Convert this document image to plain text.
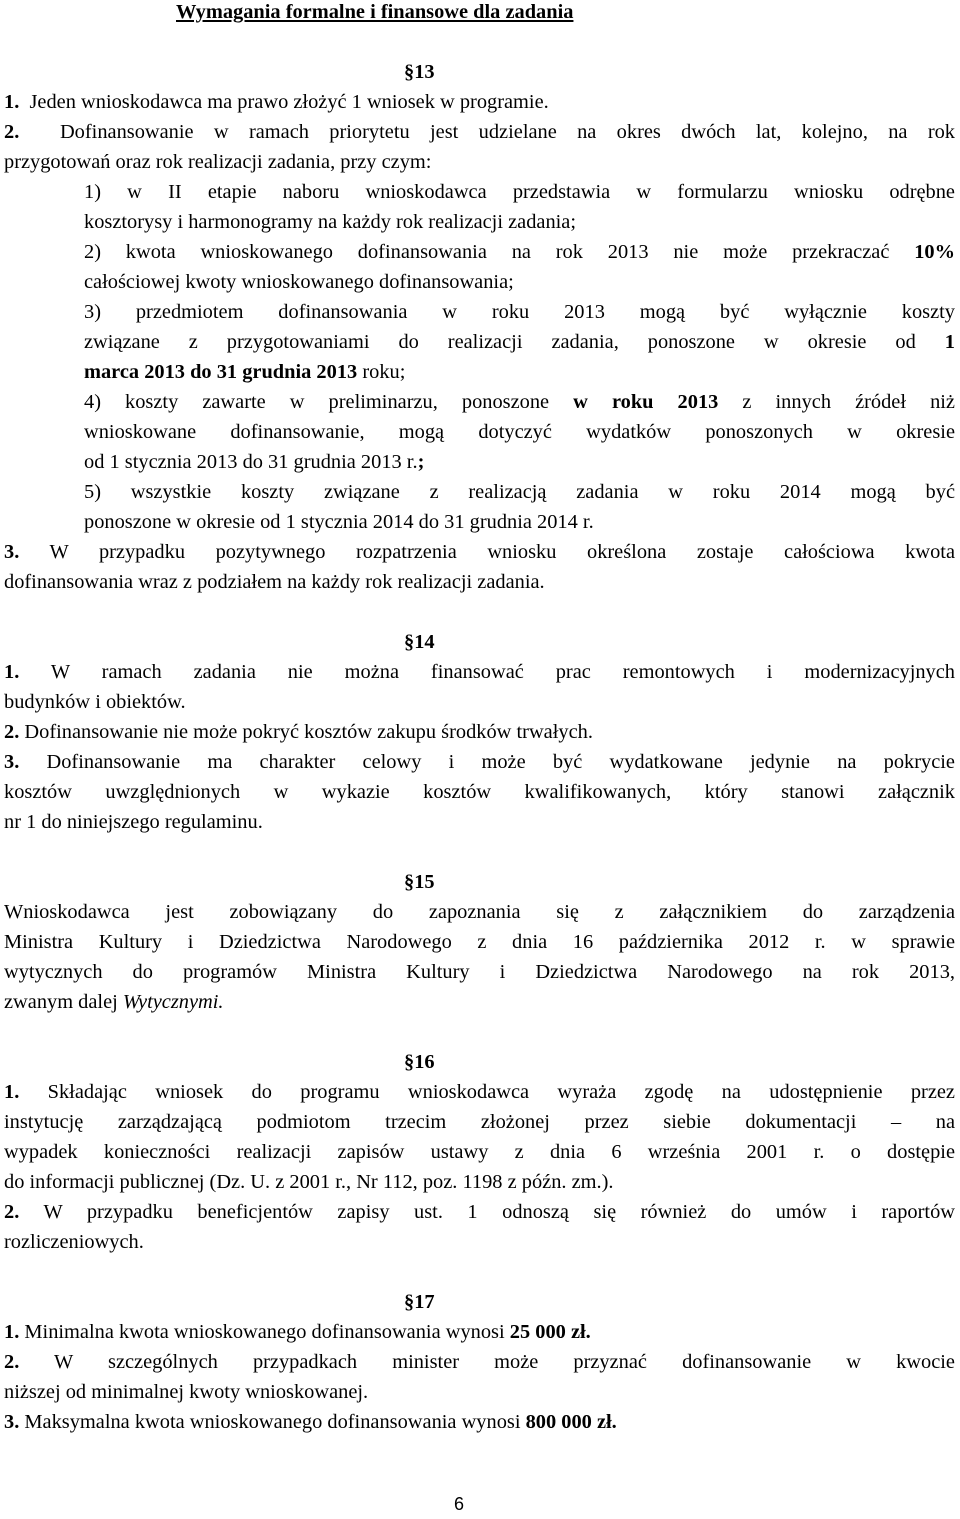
Wymagania formalne i finansowe dla zadania
§13
1. Jeden wnioskodawca ma prawo złożyć 1 wniosek w programie.
2. Dofinansowanie w ramach priorytetu jest udzielane na okres dwóch lat, kolejno, na rok
przygotowań oraz rok realizacji zadania, przy czym:
1) w II etapie naboru wnioskodawca przedstawia w formularzu wniosku odrębne
kosztorysy i harmonogramy na każdy rok realizacji zadania;
2) kwota wnioskowanego dofinansowania na rok 2013 nie może przekraczać 10%
całościowej kwoty wnioskowanego dofinansowania;
3) przedmiotem dofinansowania w roku 2013 mogą być wyłącznie koszty
związane z przygotowaniami do realizacji zadania, ponoszone w okresie od 1
marca 2013 do 31 grudnia 2013 roku;
4) koszty zawarte w preliminarzu, ponoszone w roku 2013 z innych źródeł niż
wnioskowane dofinansowanie, mogą dotyczyć wydatków ponoszonych w okresie
od 1 stycznia 2013 do 31 grudnia 2013 r.;
5) wszystkie koszty związane z realizacją zadania w roku 2014 mogą być
ponoszone w okresie od 1 stycznia 2014 do 31 grudnia 2014 r.
3. W przypadku pozytywnego rozpatrzenia wniosku określona zostaje całościowa kwota
dofinansowania wraz z podziałem na każdy rok realizacji zadania.
§14
1. W ramach zadania nie można finansować prac remontowych i modernizacyjnych
budynków i obiektów.
2. Dofinansowanie nie może pokryć kosztów zakupu środków trwałych.
3. Dofinansowanie ma charakter celowy i może być wydatkowane jedynie na pokrycie
kosztów uwzględnionych w wykazie kosztów kwalifikowanych, który stanowi załącznik
nr 1 do niniejszego regulaminu.
§15
Wnioskodawca jest zobowiązany do zapoznania się z załącznikiem do zarządzenia
Ministra Kultury i Dziedzictwa Narodowego z dnia 16 października 2012 r. w sprawie
wytycznych do programów Ministra Kultury i Dziedzictwa Narodowego na rok 2013,
zwanym dalej Wytycznymi.
§16
1. Składając wniosek do programu wnioskodawca wyraża zgodę na udostępnienie przez
instytucję zarządzającą podmiotom trzecim złożonej przez siebie dokumentacji – na
wypadek konieczności realizacji zapisów ustawy z dnia 6 września 2001 r. o dostępie
do informacji publicznej (Dz. U. z 2001 r., Nr 112, poz. 1198 z późn. zm.).
2. W przypadku beneficjentów zapisy ust. 1 odnoszą się również do umów i raportów
rozliczeniowych.
§17
1. Minimalna kwota wnioskowanego dofinansowania wynosi 25 000 zł.
2. W szczególnych przypadkach minister może przyznać dofinansowanie w kwocie
niższej od minimalnej kwoty wnioskowanej.
3. Maksymalna kwota wnioskowanego dofinansowania wynosi 800 000 zł.
6
